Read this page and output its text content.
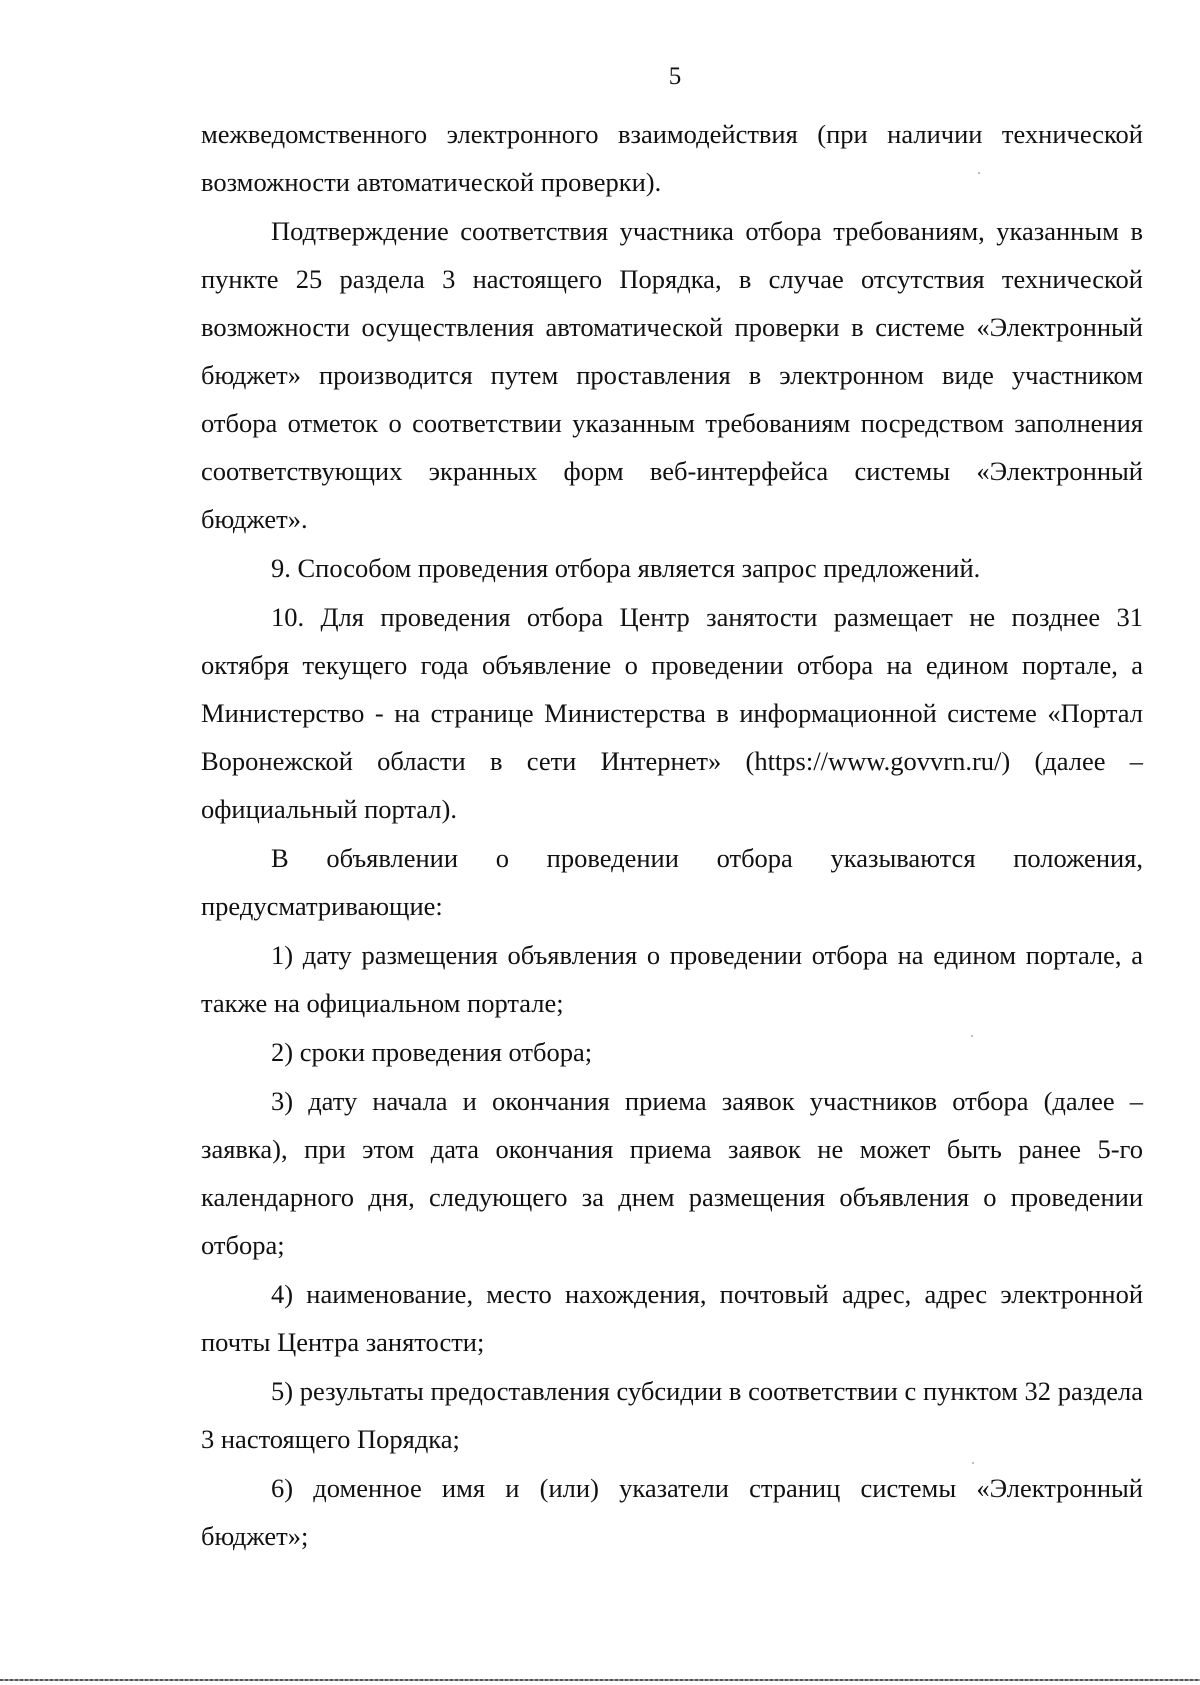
5

межведомственного электронного взаимодействия (при наличии технической возможности автоматической проверки).

Подтверждение соответствия участника отбора требованиям, указанным в пункте 25 раздела 3 настоящего Порядка, в случае отсутствия технической возможности осуществления автоматической проверки в системе «Электронный бюджет» производится путем проставления в электронном виде участником отбора отметок о соответствии указанным требованиям посредством заполнения соответствующих экранных форм веб-интерфейса системы «Электронный бюджет».

9. Способом проведения отбора является запрос предложений.

10. Для проведения отбора Центр занятости размещает не позднее 31 октября текущего года объявление о проведении отбора на едином портале, а Министерство - на странице Министерства в информационной системе «Портал Воронежской области в сети Интернет» (https://www.govvrn.ru/) (далее – официальный портал).

В объявлении о проведении отбора указываются положения, предусматривающие:

1) дату размещения объявления о проведении отбора на едином портале, а также на официальном портале;

2) сроки проведения отбора;

3) дату начала и окончания приема заявок участников отбора (далее – заявка), при этом дата окончания приема заявок не может быть ранее 5-го календарного дня, следующего за днем размещения объявления о проведении отбора;

4) наименование, место нахождения, почтовый адрес, адрес электронной почты Центра занятости;

5) результаты предоставления субсидии в соответствии с пунктом 32 раздела 3 настоящего Порядка;

6) доменное имя и (или) указатели страниц системы «Электронный бюджет»;
